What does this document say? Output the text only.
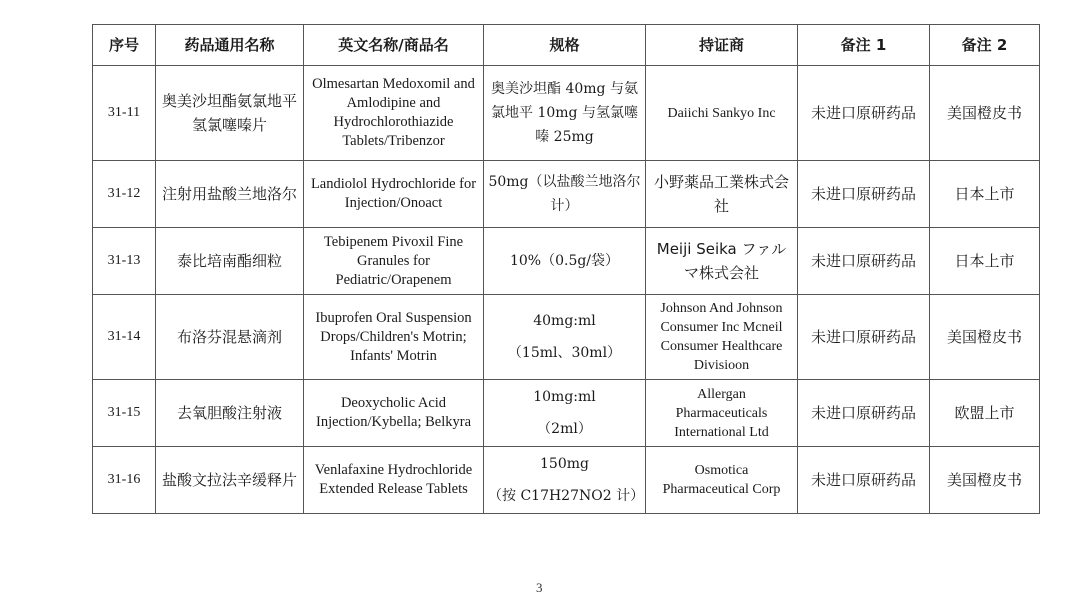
序号	药品通用名称	英文名称/商品名	规格	持证商	备注 1	备注 2
31-11	奥美沙坦酯氨氯地平氢氯噻嗪片	Olmesartan Medoxomil and Amlodipine and Hydrochlorothiazide Tablets/Tribenzor	奥美沙坦酯 40mg 与氨氯地平 10mg 与氢氯噻嗪 25mg	Daiichi Sankyo Inc	未进口原研药品	美国橙皮书
31-12	注射用盐酸兰地洛尔	Landiolol Hydrochloride for Injection/Onoact	50mg（以盐酸兰地洛尔计）	小野薬品工業株式会社	未进口原研药品	日本上市
31-13	泰比培南酯细粒	Tebipenem Pivoxil Fine Granules for Pediatric/Orapenem	10%（0.5g/袋）	Meiji Seika ファルマ株式会社	未进口原研药品	日本上市
31-14	布洛芬混悬滴剂	Ibuprofen Oral Suspension Drops/Children's Motrin; Infants' Motrin	40mg:ml
（15ml、30ml）	Johnson And Johnson Consumer Inc Mcneil Consumer Healthcare Divisioon	未进口原研药品	美国橙皮书
31-15	去氧胆酸注射液	Deoxycholic Acid Injection/Kybella; Belkyra	10mg:ml
（2ml）	Allergan Pharmaceuticals International Ltd	未进口原研药品	欧盟上市
31-16	盐酸文拉法辛缓释片	Venlafaxine Hydrochloride Extended Release Tablets	150mg
（按 C17H27NO2 计）	Osmotica Pharmaceutical Corp	未进口原研药品	美国橙皮书
3
